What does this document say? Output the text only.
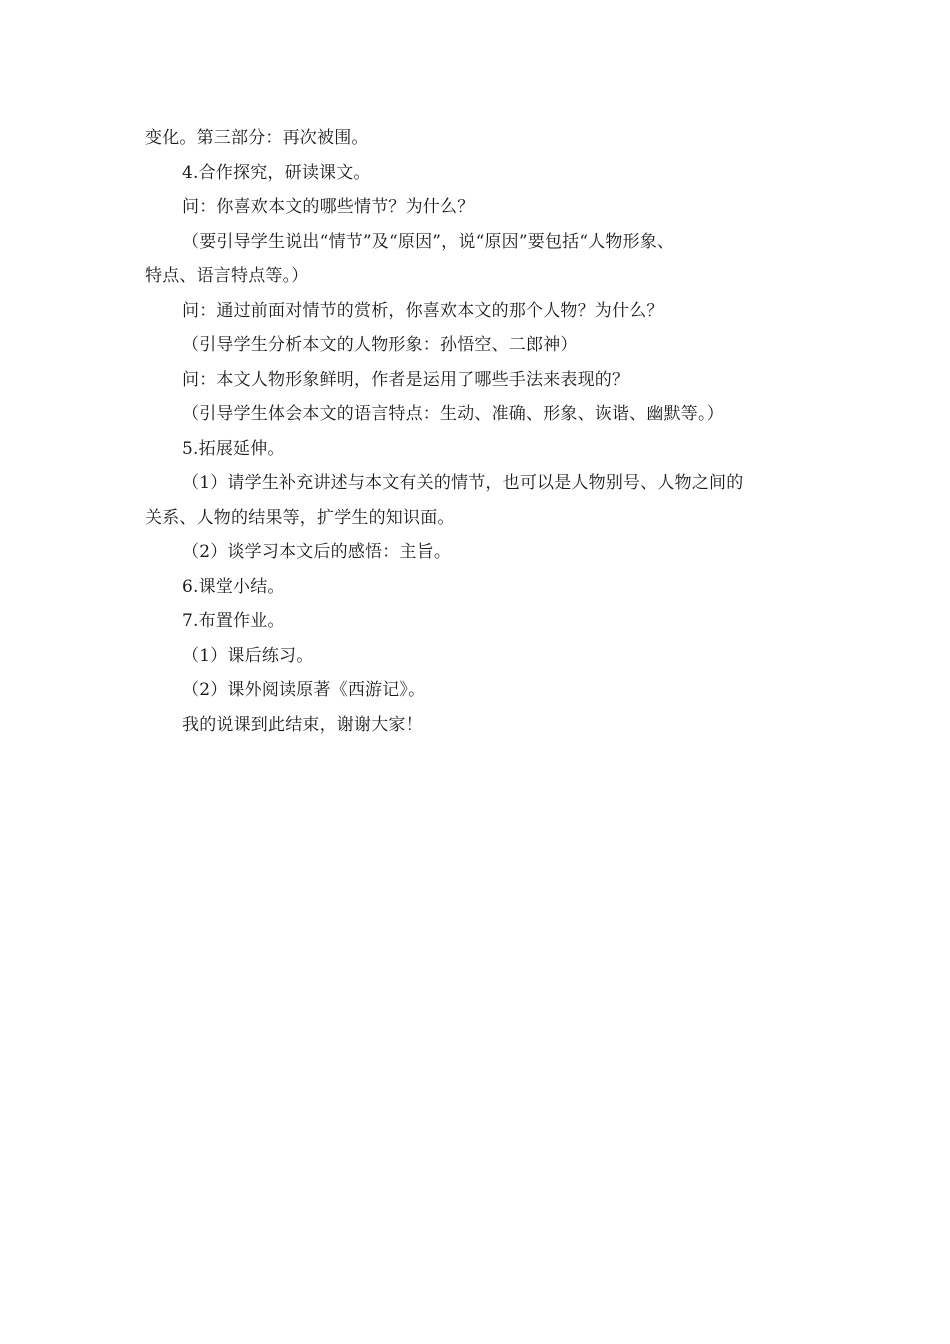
变化。第三部分：再次被围。
4.合作探究，研读课文。
问：你喜欢本文的哪些情节？为什么？
（要引导学生说出“情节”及“原因”，说“原因”要包括“人物形象、
特点、语言特点等。）
问：通过前面对情节的赏析，你喜欢本文的那个人物？为什么？
（引导学生分析本文的人物形象：孙悟空、二郎神）
问：本文人物形象鲜明，作者是运用了哪些手法来表现的？
（引导学生体会本文的语言特点：生动、准确、形象、诙谐、幽默等。）
5.拓展延伸。
（1）请学生补充讲述与本文有关的情节，也可以是人物别号、人物之间的
关系、人物的结果等，扩学生的知识面。
（2）谈学习本文后的感悟：主旨。
6.课堂小结。
7.布置作业。
（1）课后练习。
（2）课外阅读原著《西游记》。
我的说课到此结束，谢谢大家！
